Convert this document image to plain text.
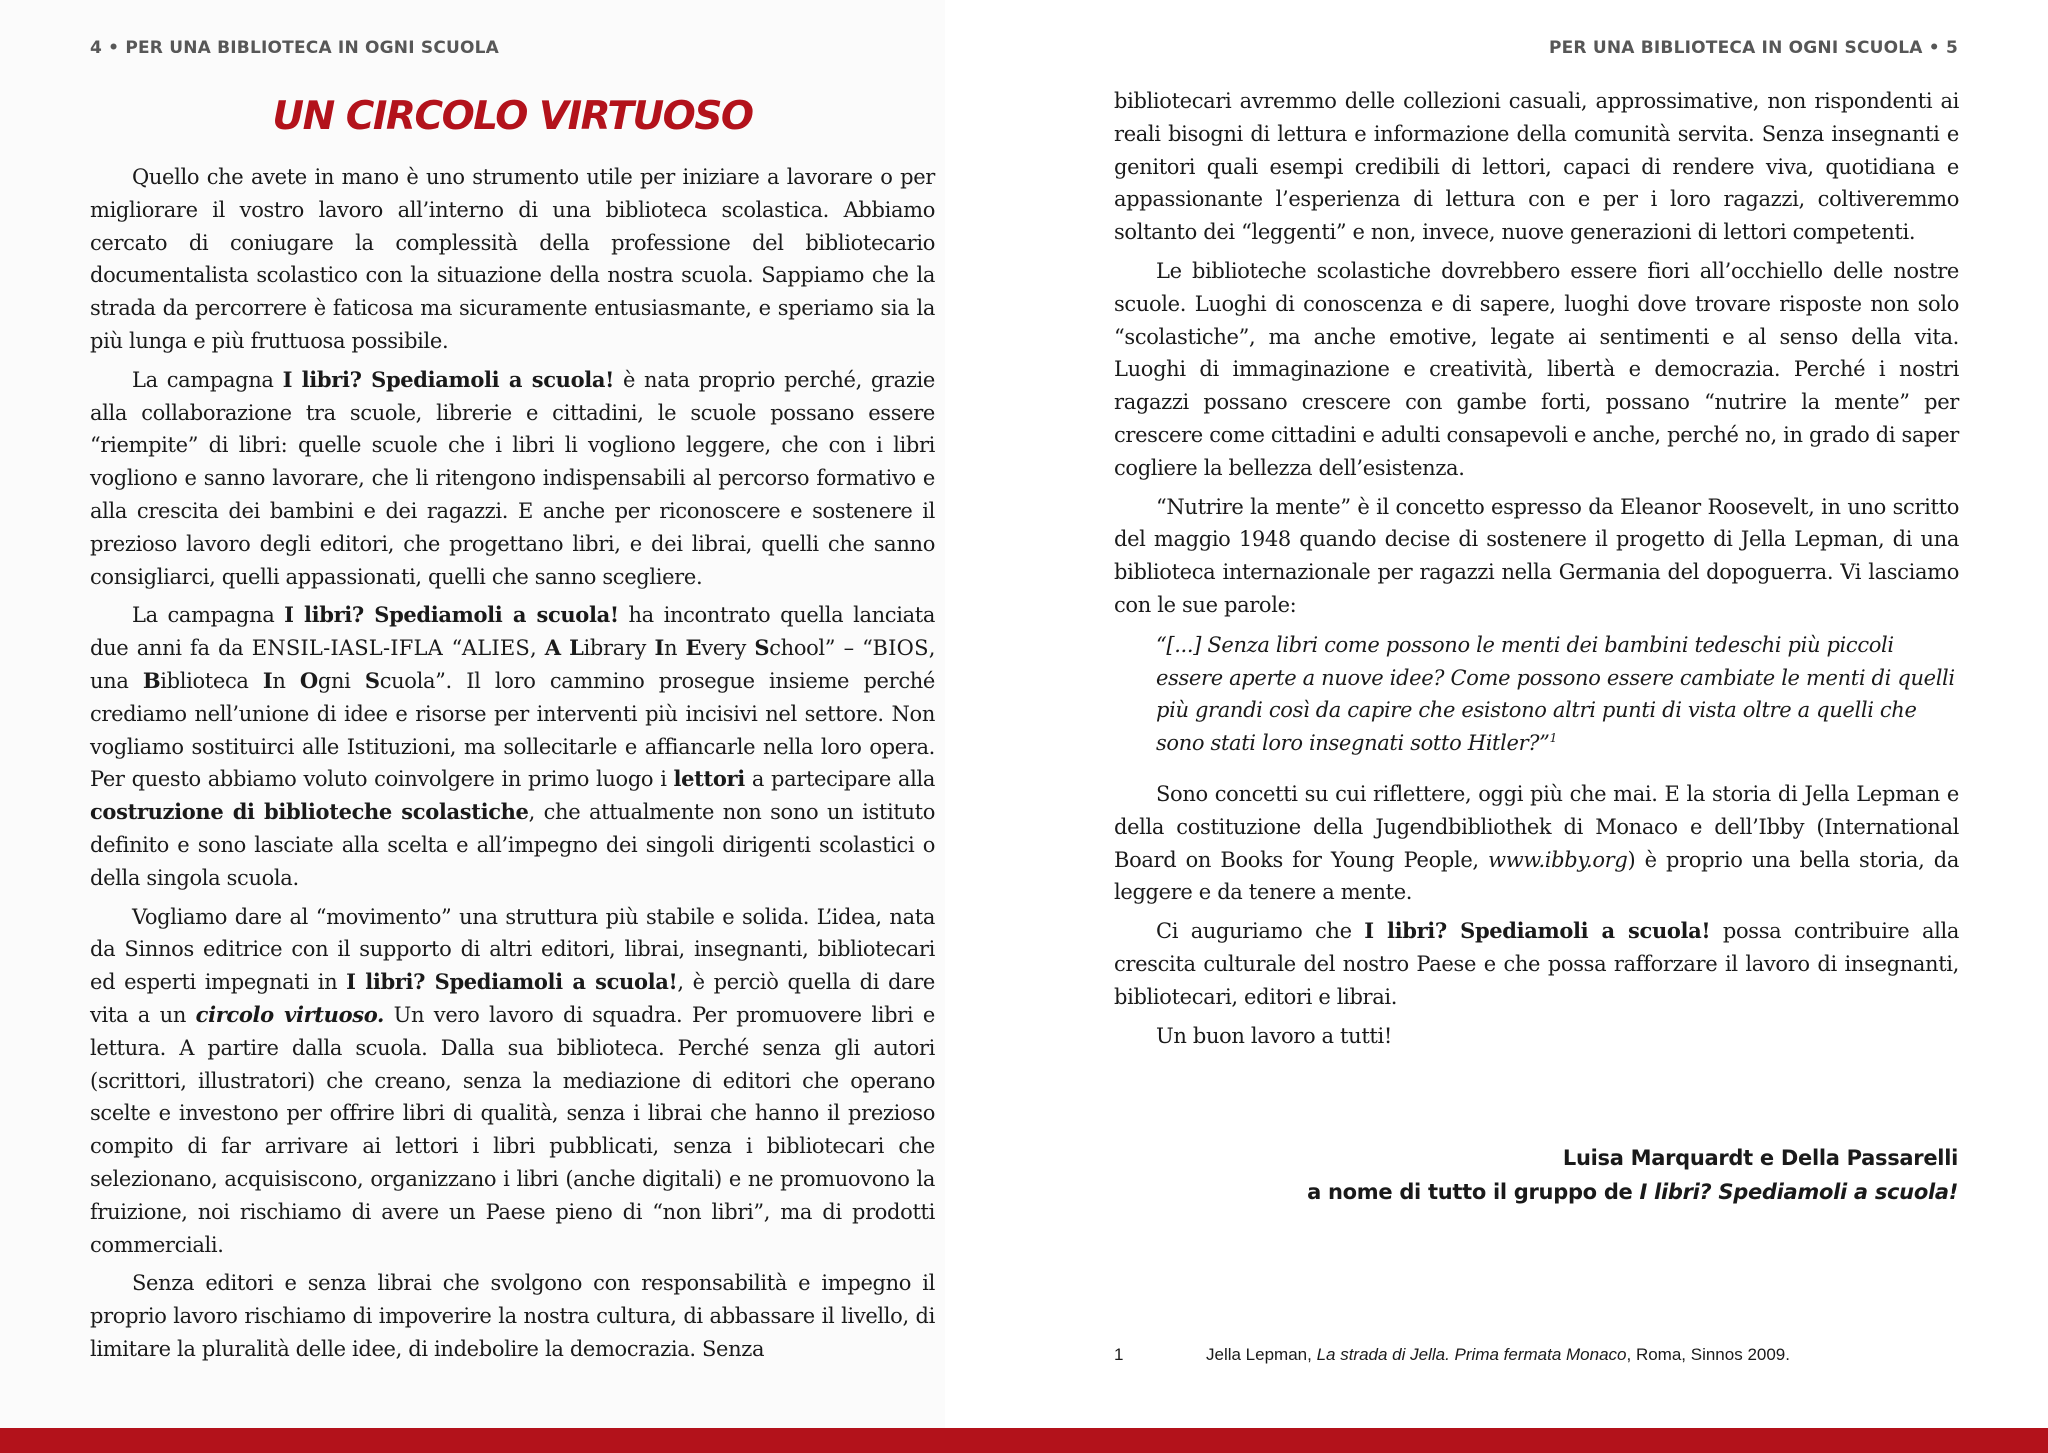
4 • PER UNA BIBLIOTECA IN OGNI SCUOLA	PER UNA BIBLIOTECA IN OGNI SCUOLA • 5
UN CIRCOLO VIRTUOSO

Quello che avete in mano è uno strumento utile per iniziare a lavorare o per migliorare il vostro lavoro all’interno di una biblioteca scolastica. Abbiamo cercato di coniugare la complessità della professione del bibliotecario documentalista scolastico con la situazione della nostra scuola. Sappiamo che la strada da percorrere è faticosa ma sicuramente entusiasmante, e speriamo sia la più lunga e più fruttuosa possibile.

La campagna I libri? Spediamoli a scuola! è nata proprio perché, grazie alla collaborazione tra scuole, librerie e cittadini, le scuole possano essere “riempite” di libri: quelle scuole che i libri li vogliono leggere, che con i libri vogliono e sanno lavorare, che li ritengono indispensabili al percorso formativo e alla crescita dei bambini e dei ragazzi. E anche per riconoscere e sostenere il prezioso lavoro degli editori, che progettano libri, e dei librai, quelli che sanno consigliarci, quelli appassionati, quelli che sanno scegliere.

La campagna I libri? Spediamoli a scuola! ha incontrato quella lanciata due anni fa da ENSIL-IASL-IFLA “ALIES, A Library In Every School” – “BIOS, una Biblioteca In Ogni Scuola”. Il loro cammino prosegue insieme perché crediamo nell’unione di idee e risorse per interventi più incisivi nel settore. Non vogliamo sostituirci alle Istituzioni, ma sollecitarle e affiancarle nella loro opera. Per questo abbiamo voluto coinvolgere in primo luogo i lettori a partecipare alla costruzione di biblioteche scolastiche, che attualmente non sono un istituto definito e sono lasciate alla scelta e all’impegno dei singoli dirigenti scolastici o della singola scuola.

Vogliamo dare al “movimento” una struttura più stabile e solida. L’idea, nata da Sinnos editrice con il supporto di altri editori, librai, insegnanti, bibliotecari ed esperti impegnati in I libri? Spediamoli a scuola!, è perciò quella di dare vita a un circolo virtuoso. Un vero lavoro di squadra. Per promuovere libri e lettura. A partire dalla scuola. Dalla sua biblioteca. Perché senza gli autori (scrittori, illustratori) che creano, senza la mediazione di editori che operano scelte e investono per offrire libri di qualità, senza i librai che hanno il prezioso compito di far arrivare ai lettori i libri pubblicati, senza i bibliotecari che selezionano, acquisiscono, organizzano i libri (anche digitali) e ne promuovono la fruizione, noi rischiamo di avere un Paese pieno di “non libri”, ma di prodotti commerciali.

Senza editori e senza librai che svolgono con responsabilità e impegno il proprio lavoro rischiamo di impoverire la nostra cultura, di abbassare il livello, di limitare la pluralità delle idee, di indebolire la democrazia. Senza

bibliotecari avremmo delle collezioni casuali, approssimative, non rispondenti ai reali bisogni di lettura e informazione della comunità servita. Senza insegnanti e genitori quali esempi credibili di lettori, capaci di rendere viva, quotidiana e appassionante l’esperienza di lettura con e per i loro ragazzi, coltiveremmo soltanto dei “leggenti” e non, invece, nuove generazioni di lettori competenti.

Le biblioteche scolastiche dovrebbero essere fiori all’occhiello delle nostre scuole. Luoghi di conoscenza e di sapere, luoghi dove trovare risposte non solo “scolastiche”, ma anche emotive, legate ai sentimenti e al senso della vita. Luoghi di immaginazione e creatività, libertà e democrazia. Perché i nostri ragazzi possano crescere con gambe forti, possano “nutrire la mente” per crescere come cittadini e adulti consapevoli e anche, perché no, in grado di saper cogliere la bellezza dell’esistenza.

“Nutrire la mente” è il concetto espresso da Eleanor Roosevelt, in uno scritto del maggio 1948 quando decise di sostenere il progetto di Jella Lepman, di una biblioteca internazionale per ragazzi nella Germania del dopoguerra. Vi lasciamo con le sue parole:

“[...] Senza libri come possono le menti dei bambini tedeschi più piccoli essere aperte a nuove idee? Come possono essere cambiate le menti di quelli più grandi così da capire che esistono altri punti di vista oltre a quelli che sono stati loro insegnati sotto Hitler?”$^1$

Sono concetti su cui riflettere, oggi più che mai. E la storia di Jella Lepman e della costituzione della Jugendbibliothek di Monaco e dell’Ibby (International Board on Books for Young People, www.ibby.org) è proprio una bella storia, da leggere e da tenere a mente.

Ci auguriamo che I libri? Spediamoli a scuola! possa contribuire alla crescita culturale del nostro Paese e che possa rafforzare il lavoro di insegnanti, bibliotecari, editori e librai.

Un buon lavoro a tutti!

Luisa Marquardt e Della Passarelli
a nome di tutto il gruppo de I libri? Spediamoli a scuola!
1	Jella Lepman, La strada di Jella. Prima fermata Monaco, Roma, Sinnos 2009.
